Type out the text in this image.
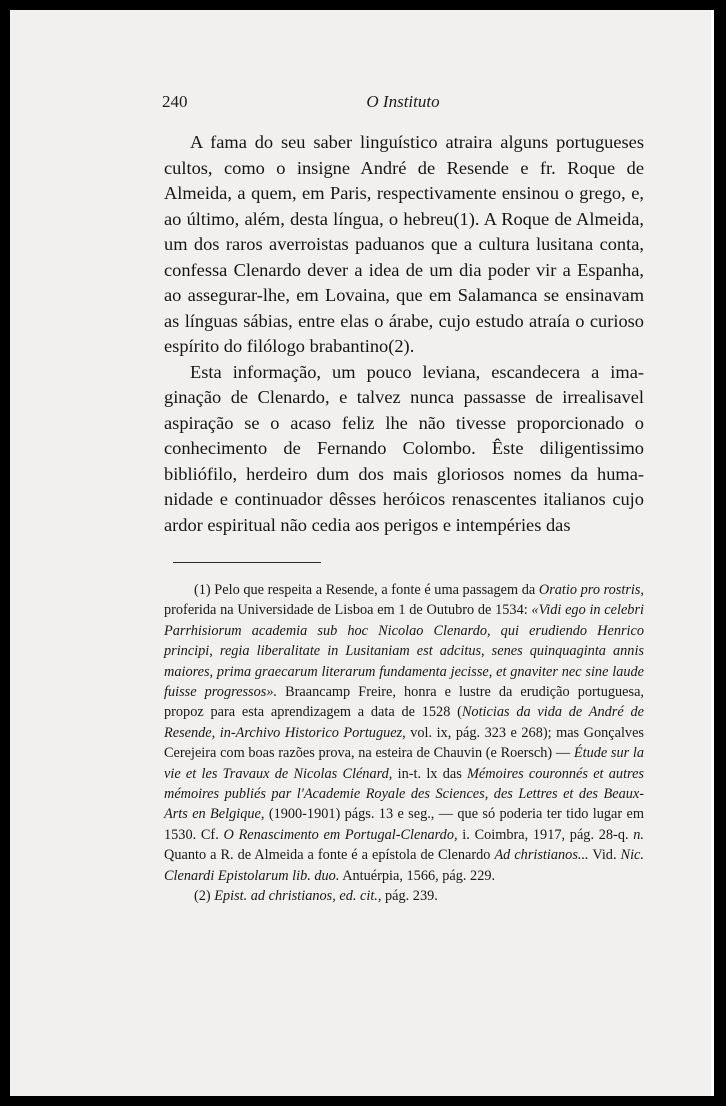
240	O Instituto

A fama do seu saber linguístico atraira alguns portugueses cultos, como o insigne André de Resende e fr. Roque de Almeida, a quem, em Paris, respectivamente ensinou o grego, e, ao último, além, desta língua, o hebreu(1). A Roque de Almeida, um dos raros averroistas paduanos que a cultura lusitana conta, confessa Clenardo dever a idea de um dia poder vir a Espanha, ao assegurar-lhe, em Lovaina, que em Salamanca se ensinavam as línguas sábias, entre elas o árabe, cujo estudo atraía o curioso espírito do filólogo brabantino(2).

Esta informação, um pouco leviana, escandecera a imaginação de Clenardo, e talvez nunca passasse de irrealisavel aspiração se o acaso feliz lhe não tivesse proporcionado o conhecimento de Fernando Colombo. Êste diligentissimo bibliófilo, herdeiro dum dos mais gloriosos nomes da humanidade e continuador dêsses heróicos renascentes italianos cujo ardor espiritual não cedia aos perigos e intempéries das

(1) Pelo que respeita a Resende, a fonte é uma passagem da Oratio pro rostris, proferida na Universidade de Lisboa em 1 de Outubro de 1534: «Vidi ego in celebri Parrhisiorum academia sub hoc Nicolao Clenardo, qui erudiendo Henrico principi, regia liberalitate in Lusitaniam est adcitus, senes quinquaginta annis maiores, prima graecarum literarum fundamenta jecisse, et gnaviter nec sine laude fuisse progressos». Braancamp Freire, honra e lustre da erudição portuguesa, propoz para esta aprendizagem a data de 1528 (Noticias da vida de André de Resende, in-Archivo Historico Portuguez, vol. ix, pág. 323 e 268); mas Gonçalves Cerejeira com boas razões prova, na esteira de Chauvin (e Roersch) — Étude sur la vie et les Travaux de Nicolas Clénard, in-t. lx das Mémoires couronnés et autres mémoires publiés par l'Academie Royale des Sciences, des Lettres et des Beaux-Arts en Belgique, (1900-1901) págs. 13 e seg., — que só poderia ter tido lugar em 1530. Cf. O Renascimento em Portugal-Clenardo, i. Coimbra, 1917, pág. 28-q. n. Quanto a R. de Almeida a fonte é a epístola de Clenardo Ad christianos... Vid. Nic. Clenardi Epistolarum lib. duo. Antuérpia, 1566, pág. 229.

(2) Epist. ad christianos, ed. cit., pág. 239.
